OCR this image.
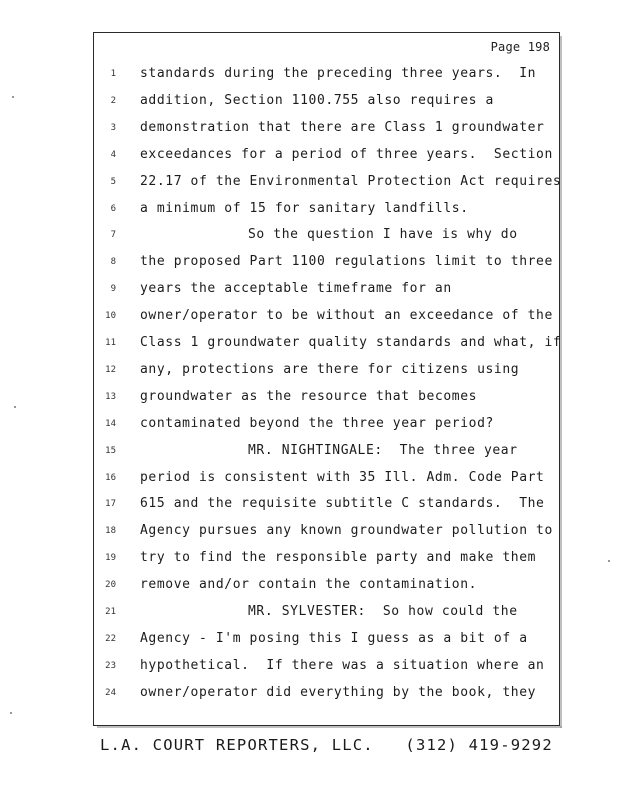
Page 198
1 standards during the preceding three years.  In
2 addition, Section 1100.755 also requires a
3 demonstration that there are Class 1 groundwater
4 exceedances for a period of three years.  Section
5 22.17 of the Environmental Protection Act requires
6 a minimum of 15 for sanitary landfills.
7	So the question I have is why do
8 the proposed Part 1100 regulations limit to three
9 years the acceptable timeframe for an
10 owner/operator to be without an exceedance of the
11 Class 1 groundwater quality standards and what, if
12 any, protections are there for citizens using
13 groundwater as the resource that becomes
14 contaminated beyond the three year period?
15	MR. NIGHTINGALE:  The three year
16 period is consistent with 35 Ill. Adm. Code Part
17 615 and the requisite subtitle C standards.  The
18 Agency pursues any known groundwater pollution to
19 try to find the responsible party and make them
20 remove and/or contain the contamination.
21	MR. SYLVESTER:  So how could the
22 Agency - I'm posing this I guess as a bit of a
23 hypothetical.  If there was a situation where an
24 owner/operator did everything by the book, they
L.A. COURT REPORTERS, LLC.   (312) 419-9292
